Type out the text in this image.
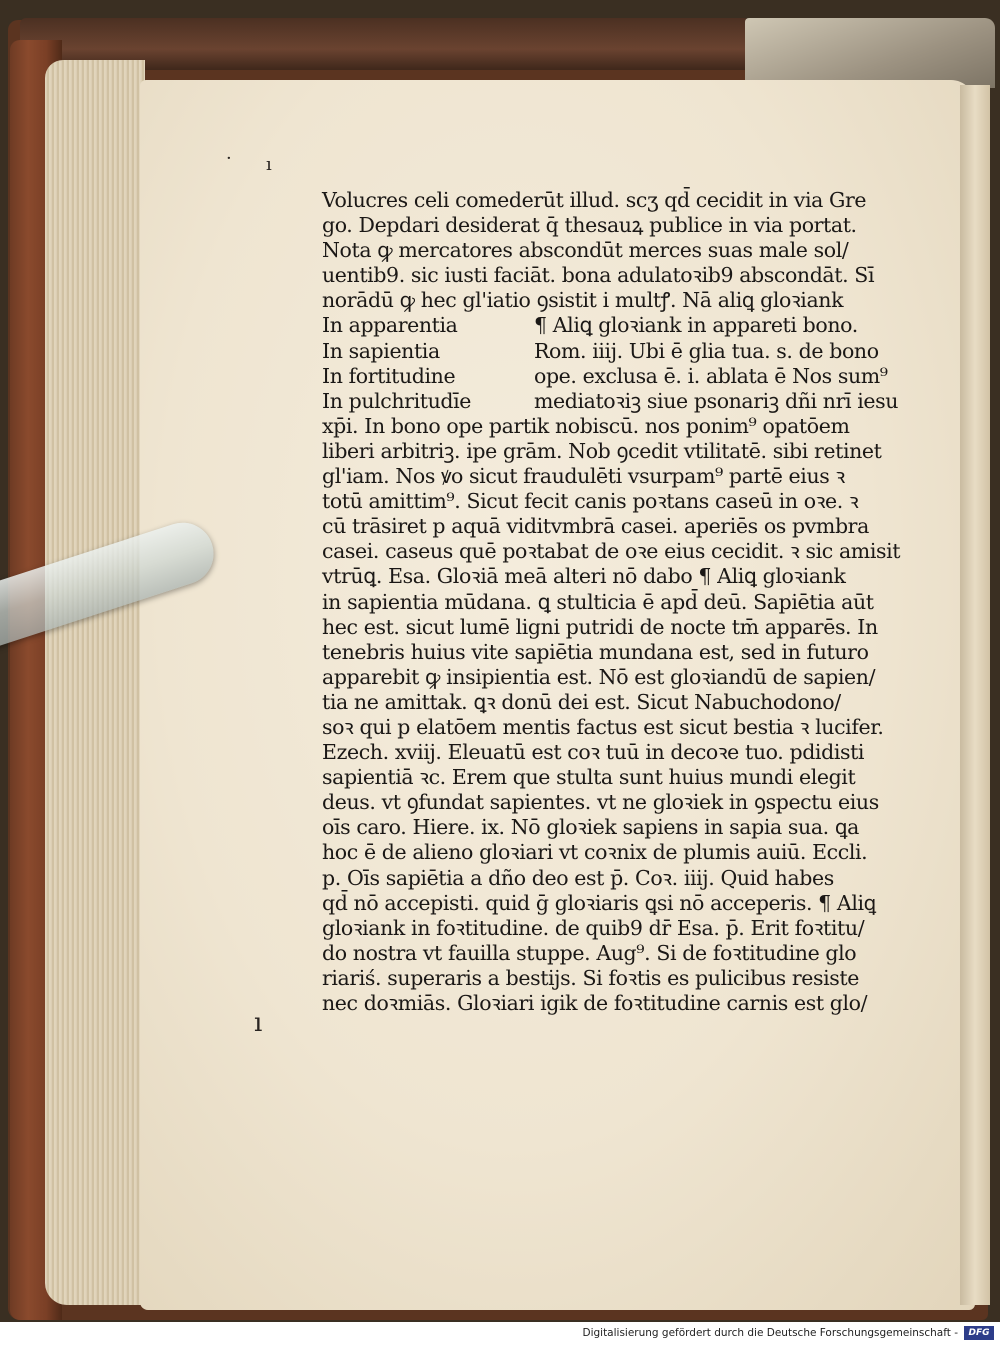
· ı
ı
Volucres celi comederūt illud. scʒ qd̄ cecidit in via Gre
go. Depdari desiderat q̄ thesauꝝ publice in via portat.
Nota ꝙ mercatores abscondūt merces suas male sol/
uentib9. sic iusti faciāt. bona adulatoꝛib9 abscondāt. Sī
norādū ꝙ hec gl'iatio ꝯsistit i multꝭ. Nā aliꝗ gloꝛiank
In apparentia	¶ Aliꝗ gloꝛiank in appareti bono.
In sapientia	Rom. iiij. Ubi ē glia tua. s. de bono
In fortitudine	ope. exclusa ē. i. ablata ē Nos sum⁹
In pulchritudīe	mediatoꝛiꝫ siue psonariꝫ dñi nrī iesu
xp̄i. In bono ope partik nobiscū. nos ponim⁹ opatōem
liberi arbitriꝫ. ipe grām. Nob ꝯcedit vtilitatē. sibi retinet
gl'iam. Nos ꝟo sicut fraudulēti vsurpam⁹ partē eius ꝛ
totū amittim⁹. Sicut fecit canis poꝛtans caseū in oꝛe. ꝛ
cū trāsiret p aquā viditvmbrā casei. aperiēs os pvmbra
casei. caseus quē poꝛtabat de oꝛe eius cecidit. ꝛ sic amisit
vtrūꝗ. Esa. Gloꝛiā meā alteri nō dabo ¶ Aliꝗ gloꝛiank
in sapientia mūdana. ꝗ stulticia ē apd̄ deū. Sapiētia aūt
hec est. sicut lumē ligni putridi de nocte tm̄ apparēs. In
tenebris huius vite sapiētia mundana est, sed in futuro
apparebit ꝙ insipientia est. Nō est gloꝛiandū de sapien/
tia ne amittak. ꝗꝛ donū dei est. Sicut Nabuchodono/
soꝛ qui p elatōem mentis factus est sicut bestia ꝛ lucifer.
Ezech. xviij. Eleuatū est coꝛ tuū in decoꝛe tuo. pdidisti
sapientiā ꝛc. Erem que stulta sunt huius mundi elegit
deus. vt ꝯfundat sapientes. vt ne gloꝛiek in ꝯspectu eius
oīs caro. Hiere. ix. Nō gloꝛiek sapiens in sapia sua. ꝗa
hoc ē de alieno gloꝛiari vt coꝛnix de plumis auiū. Eccli.
p. Oīs sapiētia a dño deo est p̄. Coꝛ. iiij. Quid habes
qd̄ nō accepisti. quid ḡ gloꝛiaris ꝗsi nō acceperis. ¶ Aliꝗ
gloꝛiank in foꝛtitudine. de quib9 dr̄ Esa. p̄. Erit foꝛtitu/
do nostra vt fauilla stuppe. Aug⁹. Si de foꝛtitudine glo
riariś. superaris a bestijs. Si foꝛtis es pulicibus resiste
nec doꝛmiās. Gloꝛiari igik de foꝛtitudine carnis est glo/
Digitalisierung gefördert durch die Deutsche Forschungsgemeinschaft -	DFG
